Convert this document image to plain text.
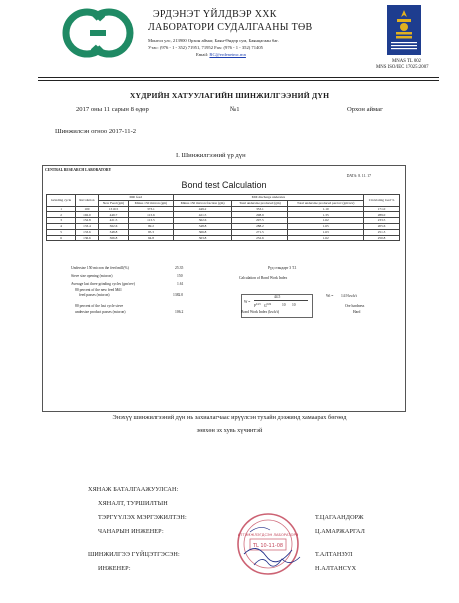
ЭРДЭНЭТ ҮЙЛДВЭР ХХК
ЛАБОРАТОРИ СУДАЛГААНЫ ТӨВ
Монгол улс, 213900 Орхон аймаг, Баян-Өндөр сум, Баянцагаан баг.
Утас: (976 - 1 - 352) 71951, 71952 Fax: (976 - 1 - 352) 71405
Email: RC@erdenetmc.mn
MNAS TL 002
MNS ISO/IEC 17025:2007
ХҮДРИЙН ХАТУУЛАГИЙН ШИНЖИЛГЭЭНИЙ ДҮН
2017 оны 11 сарын 8 өдөр	№1	Орхон аймаг
Шинжилсэн огноо 2017-11-2
I. Шинжилгээний үр дүн
CENTRAL RESEARCH LABORATORY
DATA: 8. 11. 17
Bond test Calculation
Grinding cycle	Revolution	Mill feed		Mill discharge undersize			Circulating load %
		New Feed (gm)	Minus 150 micron (gm)	Minus 150 micron fraction (gm)	Total undersize produced (gm)	Total undersize produced per/rev (gm/rev)	
1	100	1310.5	373.1	449.2	353.1	1.10	171.0
2	192.0	449.7	113.6	421.5	298.9	1.35	289.0
3	152.8	421.5	113.5	362.6	297.5	1.62	233.5
4	133.4	362.6	99.2	348.8	288.2	1.65	205.6
5	133.6	348.8	95.3	366.8	271.5	1.63	251.3
6	136.6	366.8	94.8	363.8	232.6	1.62	250.8
Undersize 150 micron the feed mill(%)	25.35
Sieve size opening (micron)	150
Average last three grinding cycles (gm/rev)	1.61
80 percent of the new feed Mill
feed passes (micron)	1382.0
80 percent of the last cycle sieve
undersize product passes (micron)	106.2
Руд стандарт 3 Т.1
Calculation of Bond Work Index
Wi = 14.9 kwh/t
W =
44.5
$P^{0.23}$ $G^{0.82}$	10 10
Bond Work Index (kwh/t)
Ore hardness
Hard
Энэхүү шинжилгээний дүн нь захиалагчаас ирүүлсэн тухайн дээжинд хамаарах бөгөөд
зөвхөн эх хувь хүчинтэй
ХЯНАЖ БАТАЛГААЖУУЛСАН:
ХЯНАЛТ, ТУРШИЛТЫН
ТЭРГҮҮЛЭХ МЭРГЭЖИЛТЭН:	Т.ЦАГААНДОРЖ
ЧАНАРЫН ИНЖЕНЕР:	Ц.АМАРЖАРГАЛ
ШИНЖИЛГЭЭ ГҮЙЦЭТГЭСЭН:	Т.АЛТАНЗУЛ
ИНЖЕНЕР:	Н.АЛТАНСҮХ
ИТГЭМЖЛЭГДСЭН ЛАБОРАТОРИ
TL 10-11-08
